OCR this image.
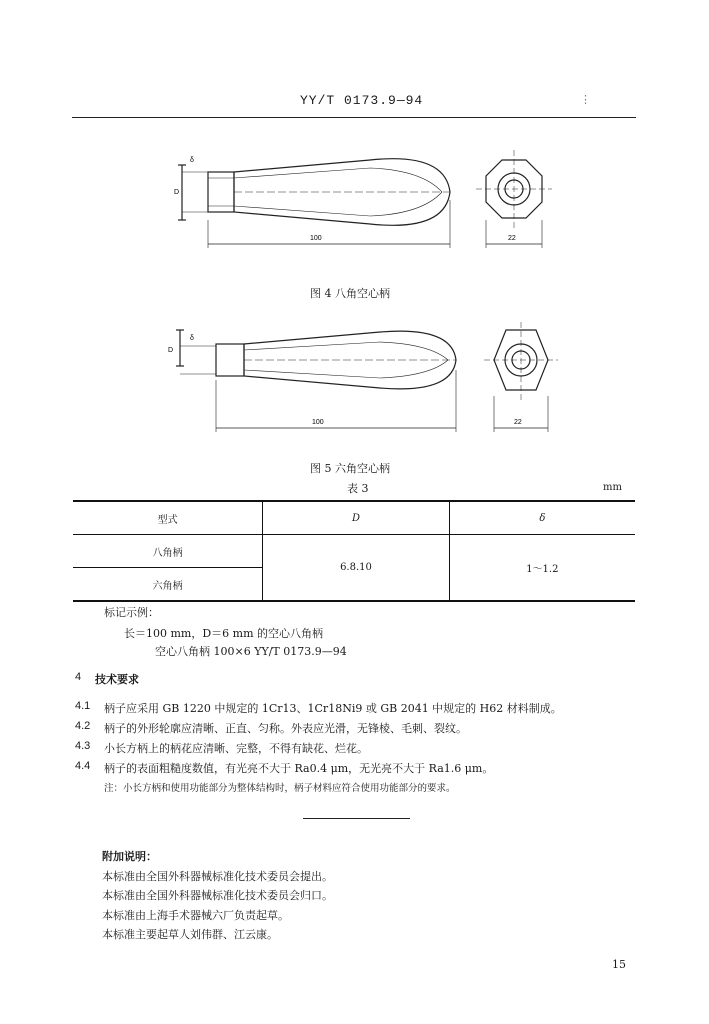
YY/T 0173.9—94	⋮
D
δ
100	22
图 4 八角空心柄
D
δ
100	22
图 5 六角空心柄
表 3	mm
型式	D	δ
八角柄	6.8.10	1～1.2
六角柄		
标记示例：
长＝100 mm，D＝6 mm 的空心八角柄
空心八角柄 100×6 YY/T 0173.9—94
4 技术要求
4.1 柄子应采用 GB 1220 中规定的 1Cr13、1Cr18Ni9 或 GB 2041 中规定的 H62 材料制成。
4.2 柄子的外形轮廓应清晰、正直、匀称。外表应光滑，无锋棱、毛刺、裂纹。
4.3 小长方柄上的柄花应清晰、完整，不得有缺花、烂花。
4.4 柄子的表面粗糙度数值，有光亮不大于 Ra0.4 μm，无光亮不大于 Ra1.6 μm。
注：小长方柄和使用功能部分为整体结构时，柄子材料应符合使用功能部分的要求。
附加说明：
本标准由全国外科器械标准化技术委员会提出。
本标准由全国外科器械标准化技术委员会归口。
本标准由上海手术器械六厂负责起草。
本标准主要起草人刘伟群、江云康。
15
